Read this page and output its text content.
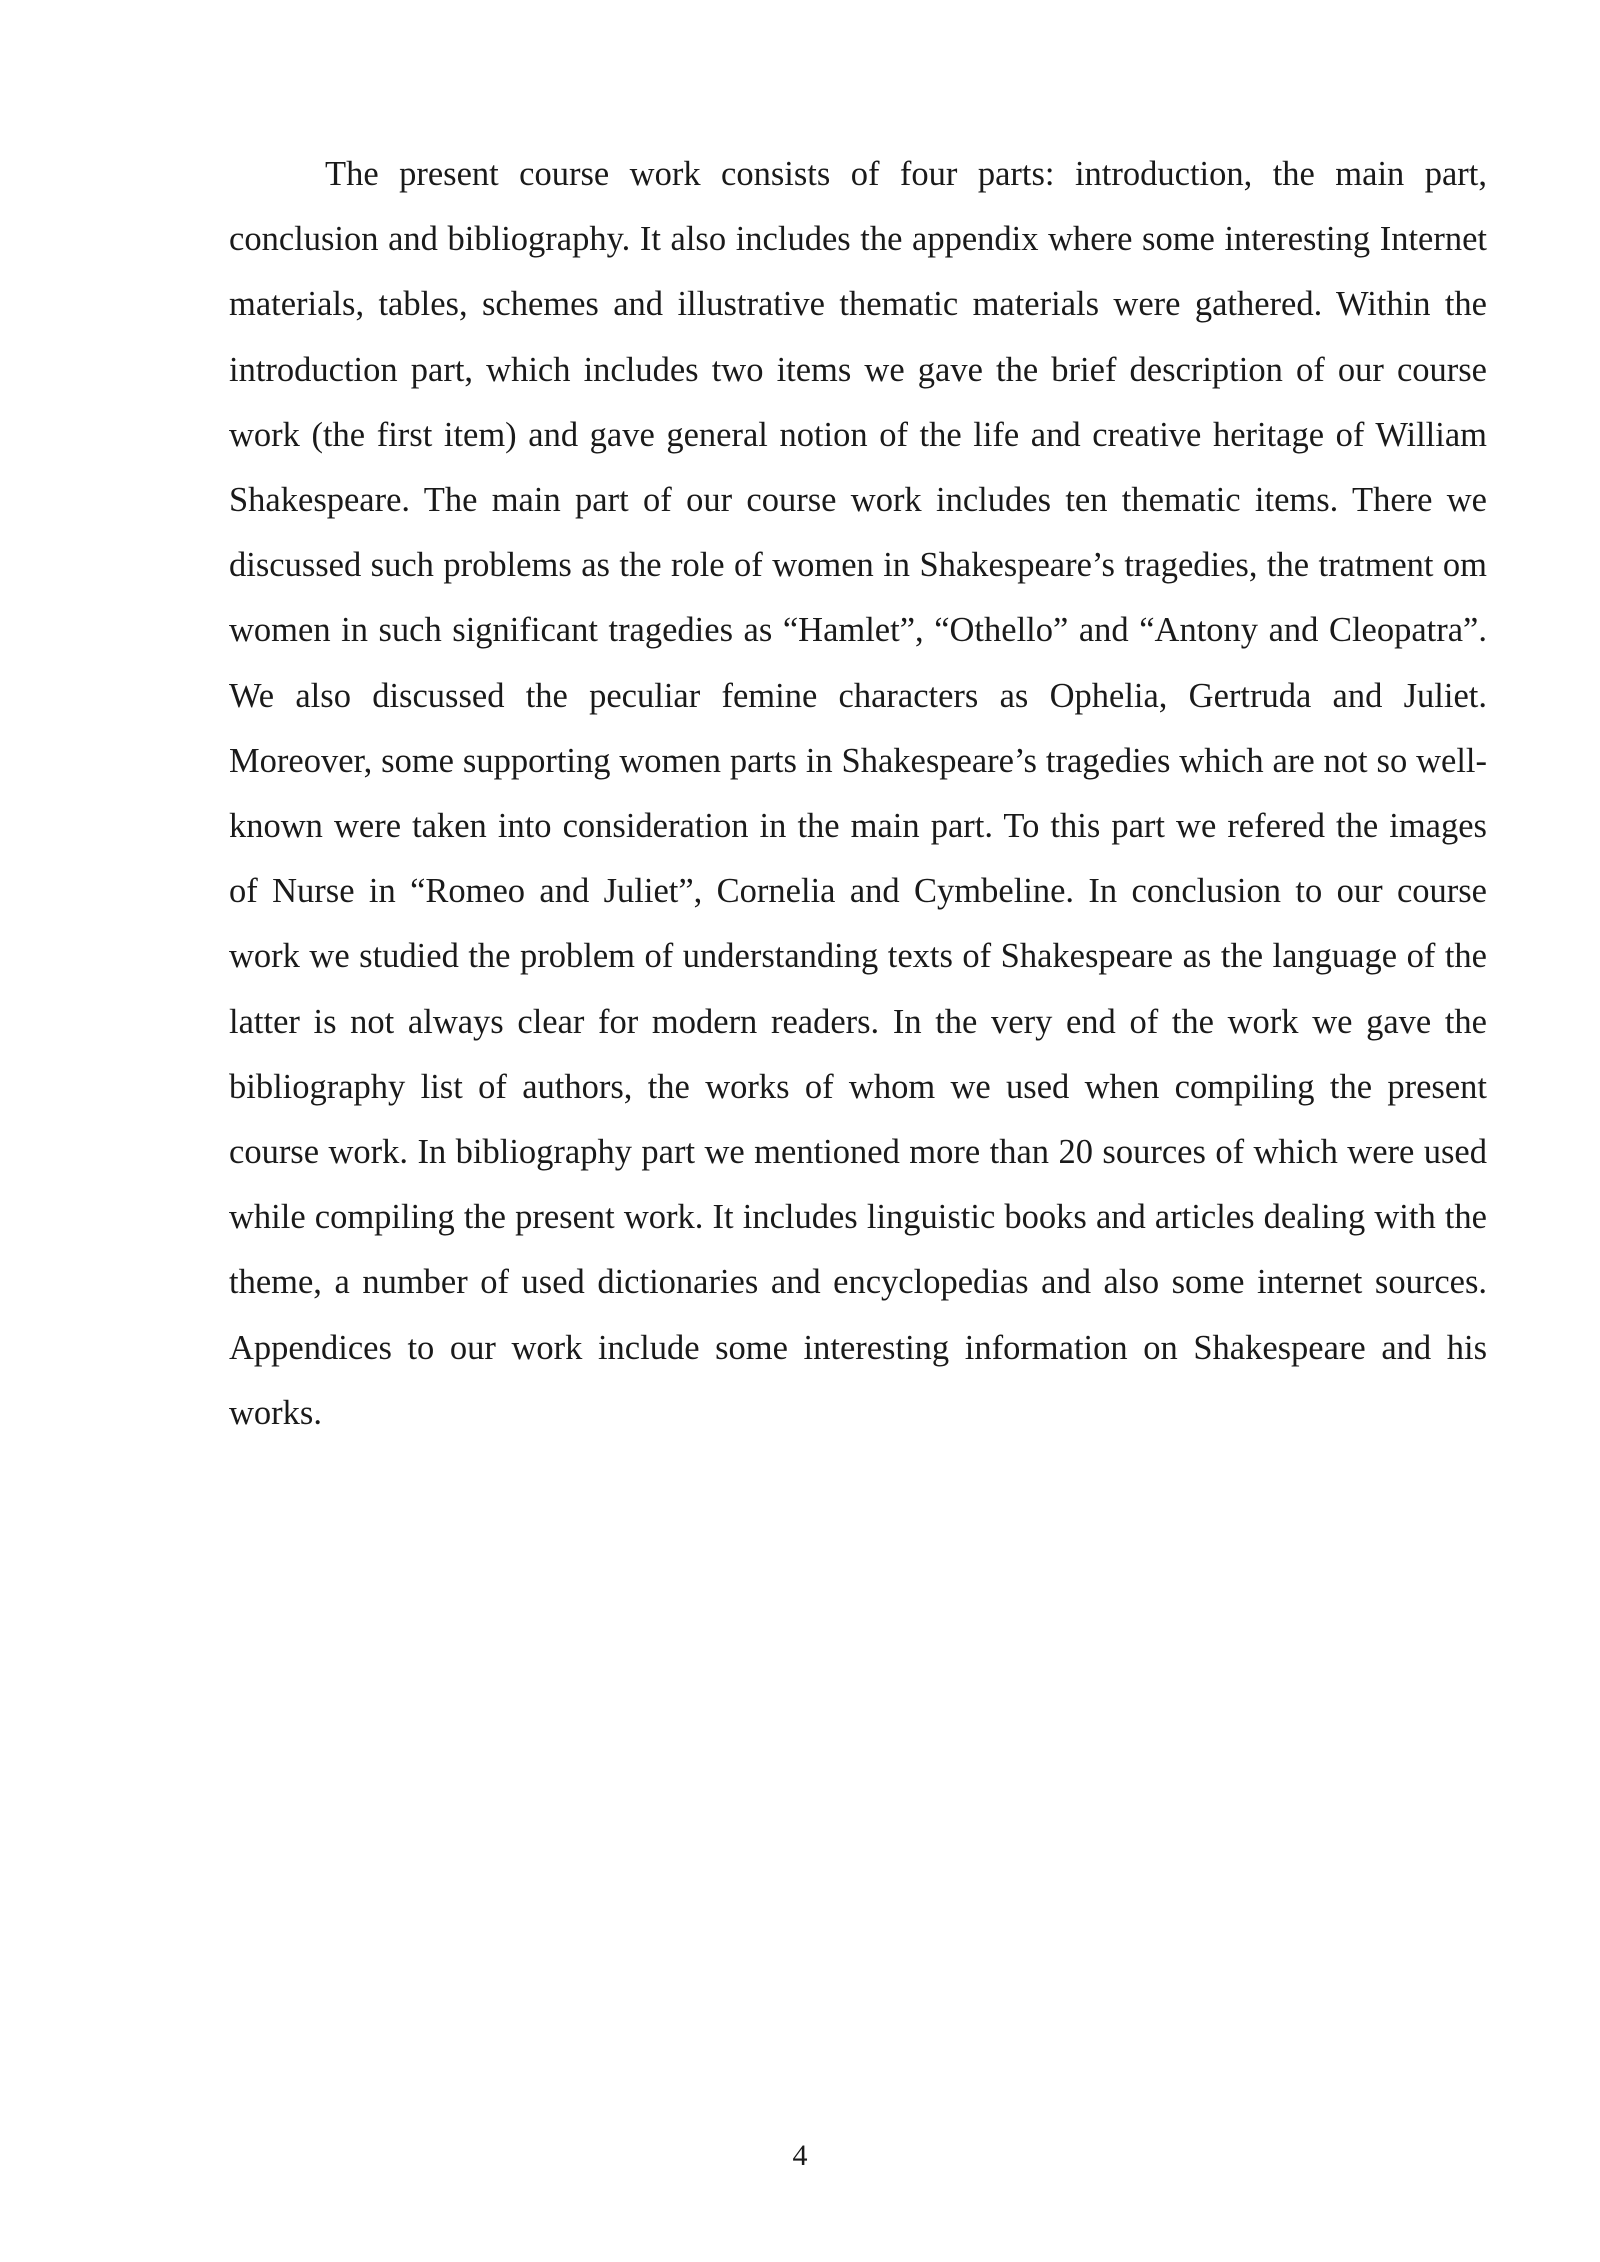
The present course work consists of four parts: introduction, the main part, conclusion and bibliography. It also includes the appendix where some interesting Internet materials, tables, schemes and illustrative thematic materials were gathered. Within the introduction part, which includes two items we gave the brief description of our course work (the first item) and gave general notion of the life and creative heritage of William Shakespeare. The main part of our course work includes ten thematic items. There we discussed such problems as the role of women in Shakespeare’s tragedies, the tratment om women in such significant tragedies as “Hamlet”, “Othello” and “Antony and Cleopatra”. We also discussed the peculiar femine characters as Ophelia, Gertruda and Juliet. Moreover, some supporting women parts in Shakespeare’s tragedies which are not so well-known were taken into consideration in the main part. To this part we refered the images of Nurse in “Romeo and Juliet”, Cornelia and Cymbeline. In conclusion to our course work we studied the problem of understanding texts of Shakespeare as the language of the latter is not always clear for modern readers. In the very end of the work we gave the bibliography list of authors, the works of whom we used when compiling the present course work. In bibliography part we mentioned more than 20 sources of which were used while compiling the present work. It includes linguistic books and articles dealing with the theme, a number of used dictionaries and encyclopedias and also some internet sources. Appendices to our work include some interesting information on Shakespeare and his works.

4
